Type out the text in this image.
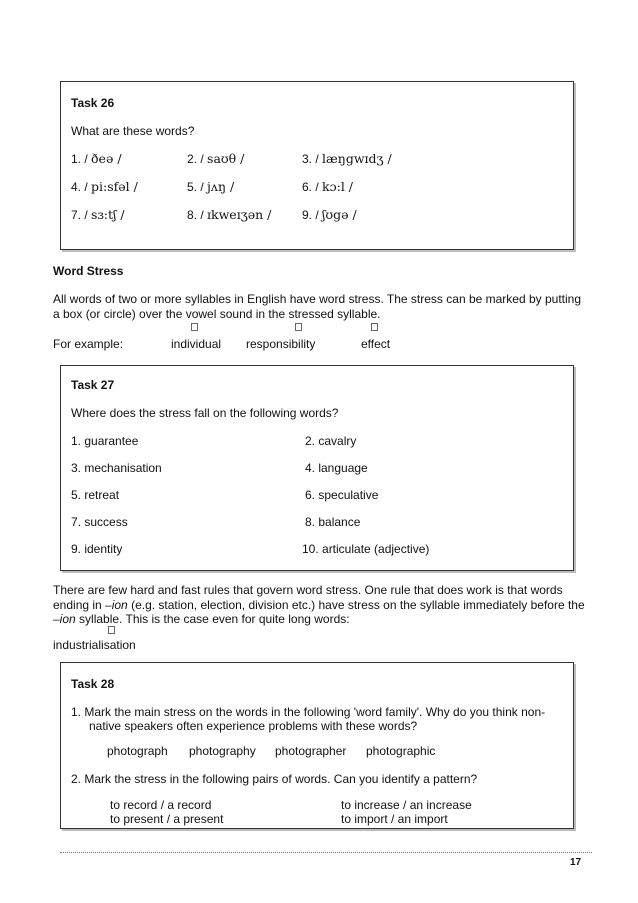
Task 26
What are these words?
1. / ðeə /	2. / saʊθ /	3. / læŋgwɪdʒ /
4. / pi:sfəl /	5. / jʌŋ /	6. / kɔ:l /
7. / sɜ:tʃ /	8. / ɪkweɪʒən /	9. / ʃʊgə /
Word Stress
All words of two or more syllables in English have word stress. The stress can be marked by putting
a box (or circle) over the vowel sound in the stressed syllable.
For example:	individual responsibility	effect
Task 27
Where does the stress fall on the following words?
1. guarantee	2. cavalry
3. mechanisation	4. language
5. retreat	6. speculative
7. success	8. balance
9. identity	10. articulate (adjective)
There are few hard and fast rules that govern word stress. One rule that does work is that words
ending in –ion (e.g. station, election, division etc.) have stress on the syllable immediately before the
–ion syllable. This is the case even for quite long words:
industrialisation
Task 28
1. Mark the main stress on the words in the following 'word family'. Why do you think non-
native speakers often experience problems with these words?
photograph photography photographer photographic
2. Mark the stress in the following pairs of words. Can you identify a pattern?
to record / a record	to increase / an increase
to present / a present	to import / an import
17
